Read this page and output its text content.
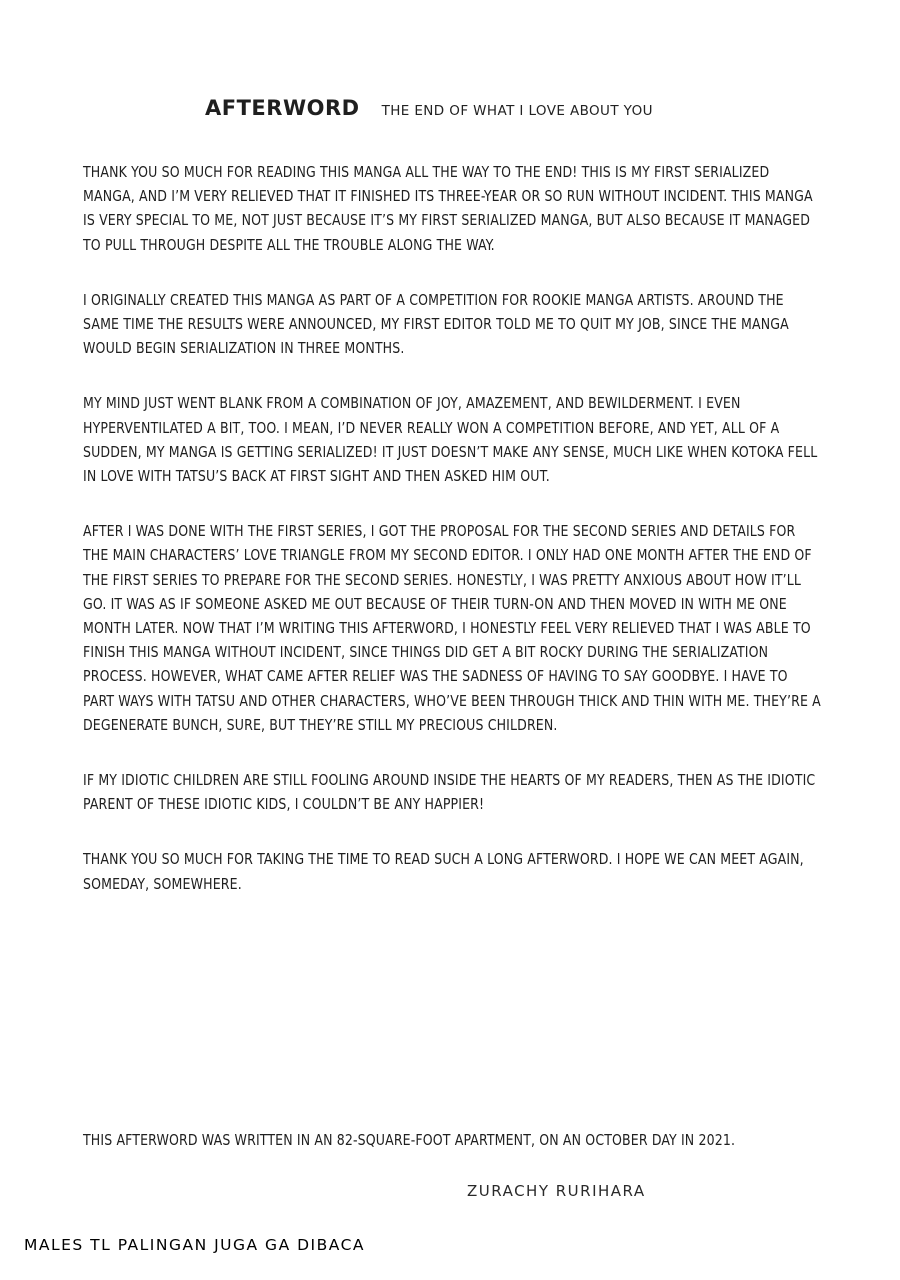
AFTERWORD THE END OF WHAT I LOVE ABOUT YOU

THANK YOU SO MUCH FOR READING THIS MANGA ALL THE WAY TO THE END! THIS IS MY FIRST SERIALIZED MANGA, AND I’M VERY RELIEVED THAT IT FINISHED ITS THREE-YEAR OR SO RUN WITHOUT INCIDENT. THIS MANGA IS VERY SPECIAL TO ME, NOT JUST BECAUSE IT’S MY FIRST SERIALIZED MANGA, BUT ALSO BECAUSE IT MANAGED TO PULL THROUGH DESPITE ALL THE TROUBLE ALONG THE WAY.

I ORIGINALLY CREATED THIS MANGA AS PART OF A COMPETITION FOR ROOKIE MANGA ARTISTS. AROUND THE SAME TIME THE RESULTS WERE ANNOUNCED, MY FIRST EDITOR TOLD ME TO QUIT MY JOB, SINCE THE MANGA WOULD BEGIN SERIALIZATION IN THREE MONTHS.

MY MIND JUST WENT BLANK FROM A COMBINATION OF JOY, AMAZEMENT, AND BEWILDERMENT. I EVEN HYPERVENTILATED A BIT, TOO. I MEAN, I’D NEVER REALLY WON A COMPETITION BEFORE, AND YET, ALL OF A SUDDEN, MY MANGA IS GETTING SERIALIZED! IT JUST DOESN’T MAKE ANY SENSE, MUCH LIKE WHEN KOTOKA FELL IN LOVE WITH TATSU’S BACK AT FIRST SIGHT AND THEN ASKED HIM OUT.

AFTER I WAS DONE WITH THE FIRST SERIES, I GOT THE PROPOSAL FOR THE SECOND SERIES AND DETAILS FOR THE MAIN CHARACTERS’ LOVE TRIANGLE FROM MY SECOND EDITOR. I ONLY HAD ONE MONTH AFTER THE END OF THE FIRST SERIES TO PREPARE FOR THE SECOND SERIES. HONESTLY, I WAS PRETTY ANXIOUS ABOUT HOW IT’LL GO. IT WAS AS IF SOMEONE ASKED ME OUT BECAUSE OF THEIR TURN-ON AND THEN MOVED IN WITH ME ONE MONTH LATER. NOW THAT I’M WRITING THIS AFTERWORD, I HONESTLY FEEL VERY RELIEVED THAT I WAS ABLE TO FINISH THIS MANGA WITHOUT INCIDENT, SINCE THINGS DID GET A BIT ROCKY DURING THE SERIALIZATION PROCESS. HOWEVER, WHAT CAME AFTER RELIEF WAS THE SADNESS OF HAVING TO SAY GOODBYE. I HAVE TO PART WAYS WITH TATSU AND OTHER CHARACTERS, WHO’VE BEEN THROUGH THICK AND THIN WITH ME. THEY’RE A DEGENERATE BUNCH, SURE, BUT THEY’RE STILL MY PRECIOUS CHILDREN.

IF MY IDIOTIC CHILDREN ARE STILL FOOLING AROUND INSIDE THE HEARTS OF MY READERS, THEN AS THE IDIOTIC PARENT OF THESE IDIOTIC KIDS, I COULDN’T BE ANY HAPPIER!

THANK YOU SO MUCH FOR TAKING THE TIME TO READ SUCH A LONG AFTERWORD. I HOPE WE CAN MEET AGAIN, SOMEDAY, SOMEWHERE.

THIS AFTERWORD WAS WRITTEN IN AN 82-SQUARE-FOOT APARTMENT, ON AN OCTOBER DAY IN 2021.

ZURACHY RURIHARA
MALES TL PALINGAN JUGA GA DIBACA
